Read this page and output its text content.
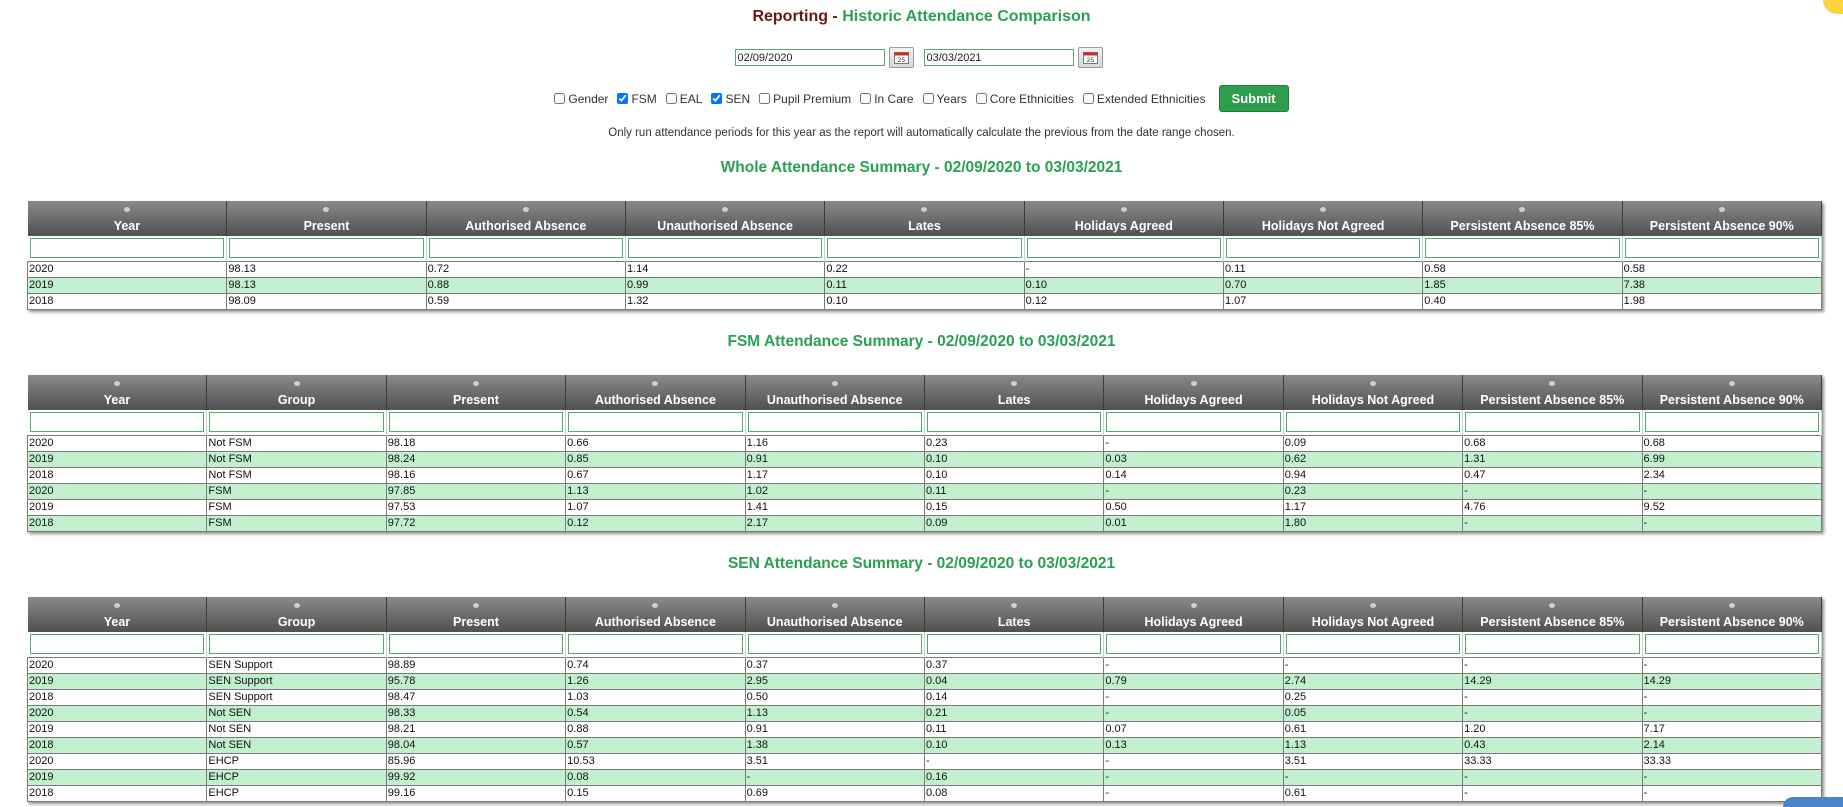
Reporting - Historic Attendance Comparison
02/09/2020
25
03/03/2021	25
Gender FSM EAL SEN Pupil Premium In Care Years Core Ethnicities Extended Ethnicities	Submit
Only run attendance periods for this year as the report will automatically calculate the previous from the date range chosen.
Whole Attendance Summary - 02/09/2020 to 03/03/2021
Year	Present	Authorised Absence	Unauthorised Absence	Lates	Holidays Agreed	Holidays Not Agreed	Persistent Absence 85%	Persistent Absence 90%

2020	98.13	0.72	1.14	0.22	-	0.11	0.58	0.58
2019	98.13	0.88	0.99	0.11	0.10	0.70	1.85	7.38
2018	98.09	0.59	1.32	0.10	0.12	1.07	0.40	1.98
FSM Attendance Summary - 02/09/2020 to 03/03/2021
Year	Group	Present	Authorised Absence	Unauthorised Absence	Lates	Holidays Agreed	Holidays Not Agreed	Persistent Absence 85%	Persistent Absence 90%

2020	Not FSM	98.18	0.66	1.16	0.23	-	0.09	0.68	0.68
2019	Not FSM	98.24	0.85	0.91	0.10	0.03	0.62	1.31	6.99
2018	Not FSM	98.16	0.67	1.17	0.10	0.14	0.94	0.47	2.34
2020	FSM	97.85	1.13	1.02	0.11	-	0.23	-	-
2019	FSM	97.53	1.07	1.41	0.15	0.50	1.17	4.76	9.52
2018	FSM	97.72	0.12	2.17	0.09	0.01	1.80	-	-
SEN Attendance Summary - 02/09/2020 to 03/03/2021
Year	Group	Present	Authorised Absence	Unauthorised Absence	Lates	Holidays Agreed	Holidays Not Agreed	Persistent Absence 85%	Persistent Absence 90%

2020	SEN Support	98.89	0.74	0.37	0.37	-	-	-	-
2019	SEN Support	95.78	1.26	2.95	0.04	0.79	2.74	14.29	14.29
2018	SEN Support	98.47	1.03	0.50	0.14	-	0.25	-	-
2020	Not SEN	98.33	0.54	1.13	0.21	-	0.05	-	-
2019	Not SEN	98.21	0.88	0.91	0.11	0.07	0.61	1.20	7.17
2018	Not SEN	98.04	0.57	1.38	0.10	0.13	1.13	0.43	2.14
2020	EHCP	85.96	10.53	3.51	-	-	3.51	33.33	33.33
2019	EHCP	99.92	0.08	-	0.16	-	-	-	-
2018	EHCP	99.16	0.15	0.69	0.08	-	0.61	-	-
